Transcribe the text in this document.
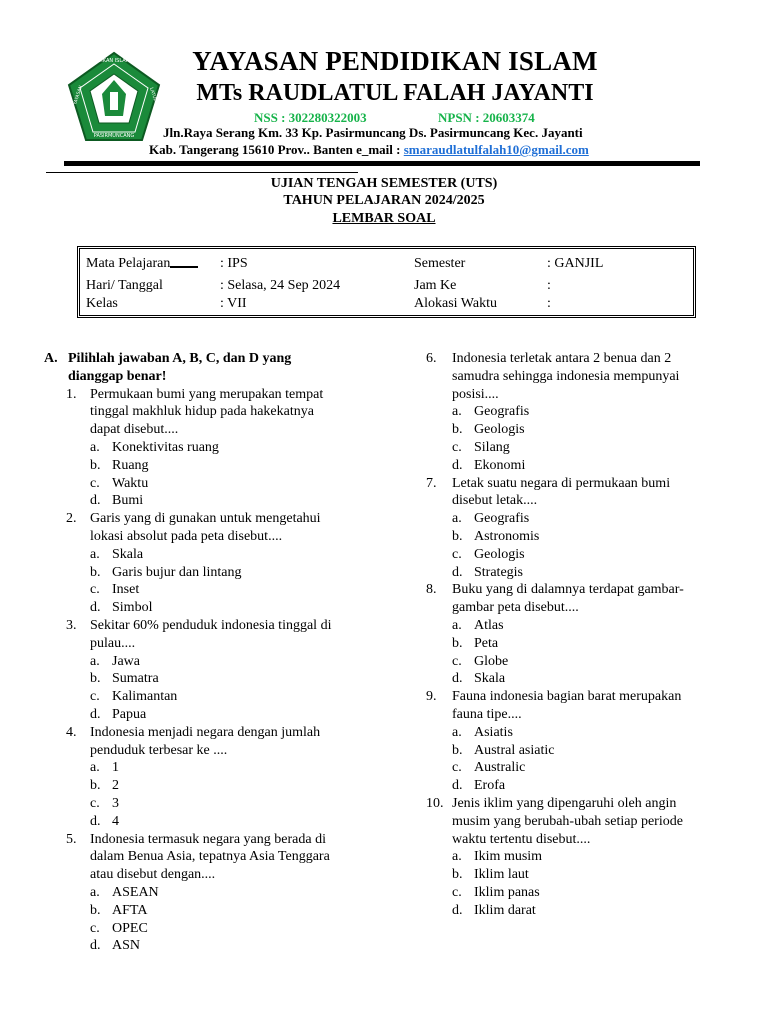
PENDIDIKAN ISLAM RAUD
PASIRMUNCANG
YAYASAN	LATUL FALAH
YAYASAN PENDIDIKAN ISLAM
MTs RAUDLATUL FALAH JAYANTI
NSS : 302280322003	NPSN : 20603374
Jln.Raya Serang Km. 33 Kp. Pasirmuncang Ds. Pasirmuncang Kec. Jayanti
Kab. Tangerang 15610 Prov.. Banten e_mail : smaraudlatulfalah10@gmail.com
UJIAN TENGAH SEMESTER (UTS)
TAHUN PELAJARAN 2024/2025
LEMBAR SOAL
Mata Pelajaran	: IPS	Semester	: GANJIL
Hari/ Tanggal	: Selasa, 24 Sep 2024	Jam Ke	:
Kelas	: VII	Alokasi Waktu	:
A. Pilihlah jawaban A, B, C, dan D yang
dianggap benar!
1. Permukaan bumi yang merupakan tempat
tinggal makhluk hidup pada hakekatnya
dapat disebut....
a. Konektivitas ruang
b. Ruang
c. Waktu
d. Bumi
2. Garis yang di gunakan untuk mengetahui
lokasi absolut pada peta disebut....
a. Skala
b. Garis bujur dan lintang
c. Inset
d. Simbol
3. Sekitar 60% penduduk indonesia tinggal di
pulau....
a. Jawa
b. Sumatra
c. Kalimantan
d. Papua
4. Indonesia menjadi negara dengan jumlah
penduduk terbesar ke ....
a. 1
b. 2
c. 3
d. 4
5. Indonesia termasuk negara yang berada di
dalam Benua Asia, tepatnya Asia Tenggara
atau disebut dengan....
a. ASEAN
b. AFTA
c. OPEC
d. ASN
6.	Indonesia terletak antara 2 benua dan 2
samudra sehingga indonesia mempunyai
posisi....
a. Geografis
b. Geologis
c. Silang
d. Ekonomi
7.	Letak suatu negara di permukaan bumi
disebut letak....
a. Geografis
b. Astronomis
c. Geologis
d. Strategis
8.	Buku yang di dalamnya terdapat gambar-
gambar peta disebut....
a. Atlas
b. Peta
c. Globe
d. Skala
9.	Fauna indonesia bagian barat merupakan
fauna tipe....
a. Asiatis
b. Austral asiatic
c. Australic
d. Erofa
10. Jenis iklim yang dipengaruhi oleh angin
musim yang berubah-ubah setiap periode
waktu tertentu disebut....
a. Ikim musim
b. Iklim laut
c. Iklim panas
d. Iklim darat
